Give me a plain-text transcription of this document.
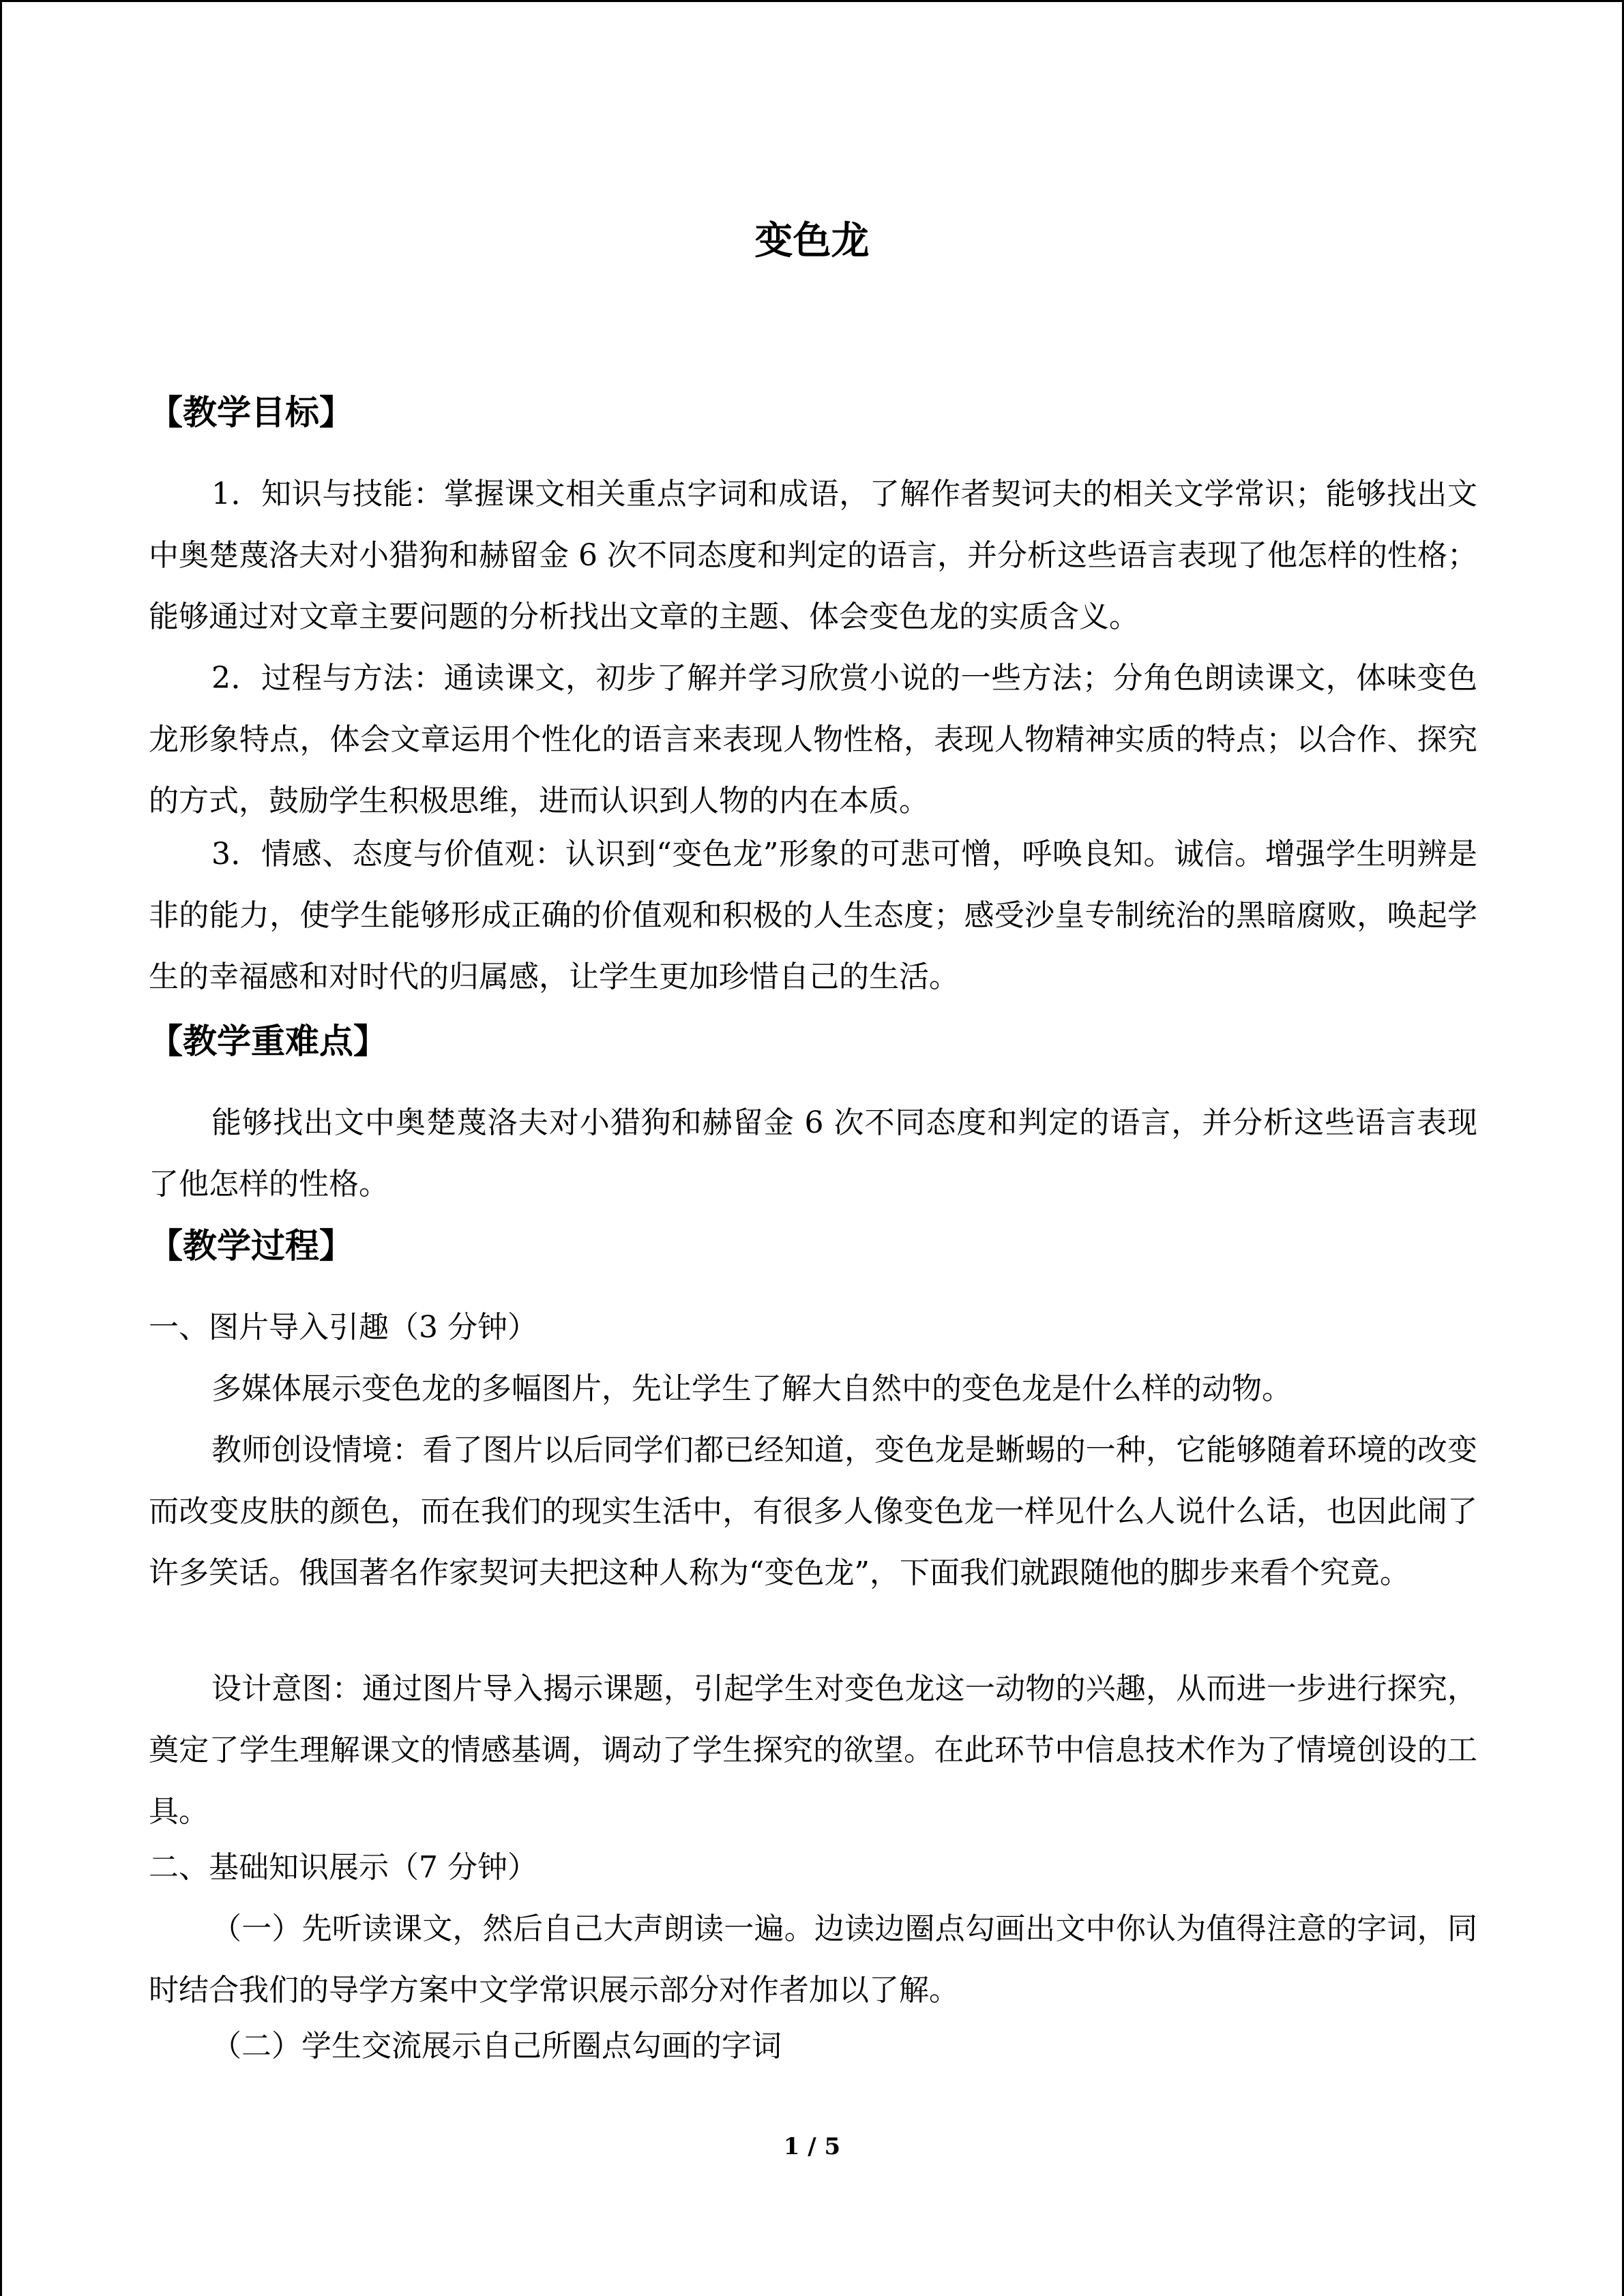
变色龙
【教学目标】

1．知识与技能：掌握课文相关重点字词和成语，了解作者契诃夫的相关文学常识；能够找出文中奥楚蔑洛夫对小猎狗和赫留金 6 次不同态度和判定的语言，并分析这些语言表现了他怎样的性格；能够通过对文章主要问题的分析找出文章的主题、体会变色龙的实质含义。

2．过程与方法：通读课文，初步了解并学习欣赏小说的一些方法；分角色朗读课文，体味变色龙形象特点，体会文章运用个性化的语言来表现人物性格，表现人物精神实质的特点；以合作、探究的方式，鼓励学生积极思维，进而认识到人物的内在本质。

3．情感、态度与价值观：认识到“变色龙”形象的可悲可憎，呼唤良知。诚信。增强学生明辨是非的能力，使学生能够形成正确的价值观和积极的人生态度；感受沙皇专制统治的黑暗腐败，唤起学生的幸福感和对时代的归属感，让学生更加珍惜自己的生活。

【教学重难点】

能够找出文中奥楚蔑洛夫对小猎狗和赫留金 6 次不同态度和判定的语言，并分析这些语言表现了他怎样的性格。

【教学过程】

一、图片导入引趣（3 分钟）

多媒体展示变色龙的多幅图片，先让学生了解大自然中的变色龙是什么样的动物。

教师创设情境：看了图片以后同学们都已经知道，变色龙是蜥蜴的一种，它能够随着环境的改变而改变皮肤的颜色，而在我们的现实生活中，有很多人像变色龙一样见什么人说什么话，也因此闹了许多笑话。俄国著名作家契诃夫把这种人称为“变色龙”，下面我们就跟随他的脚步来看个究竟。

设计意图：通过图片导入揭示课题，引起学生对变色龙这一动物的兴趣，从而进一步进行探究，奠定了学生理解课文的情感基调，调动了学生探究的欲望。在此环节中信息技术作为了情境创设的工具。

二、基础知识展示（7 分钟）

（一）先听读课文，然后自己大声朗读一遍。边读边圈点勾画出文中你认为值得注意的字词，同时结合我们的导学方案中文学常识展示部分对作者加以了解。

（二）学生交流展示自己所圈点勾画的字词

1 / 5
